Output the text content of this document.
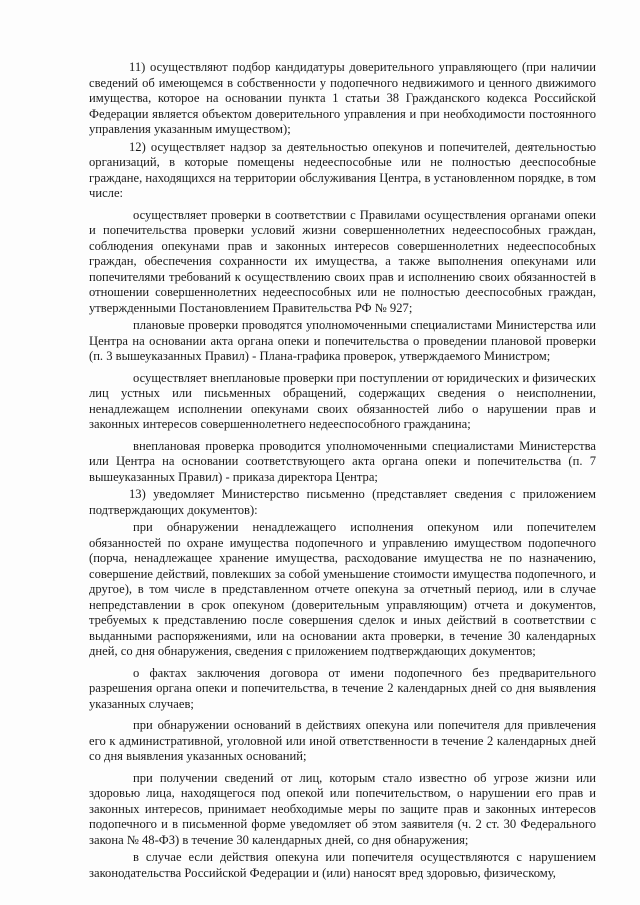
11) осуществляют подбор кандидатуры доверительного управляющего (при наличии сведений об имеющемся в собственности у подопечного недвижимого и ценного движимого имущества, которое на основании пункта 1 статьи 38 Гражданского кодекса Российской Федерации является объектом доверительного управления и при необходимости постоянного управления указанным имуществом);

12) осуществляет надзор за деятельностью опекунов и попечителей, деятельностью организаций, в которые помещены недееспособные или не полностью дееспособные граждане, находящихся на территории обслуживания Центра, в установленном порядке, в том числе:

осуществляет проверки в соответствии с Правилами осуществления органами опеки и попечительства проверки условий жизни совершеннолетних недееспособных граждан, соблюдения опекунами прав и законных интересов совершеннолетних недееспособных граждан, обеспечения сохранности их имущества, а также выполнения опекунами или попечителями требований к осуществлению своих прав и исполнению своих обязанностей в отношении совершеннолетних недееспособных или не полностью дееспособных граждан, утвержденными Постановлением Правительства РФ № 927;

плановые проверки проводятся уполномоченными специалистами Министерства или Центра на основании акта органа опеки и попечительства о проведении плановой проверки (п. 3 вышеуказанных Правил) - Плана-графика проверок, утверждаемого Министром;

осуществляет внеплановые проверки при поступлении от юридических и физических лиц устных или письменных обращений, содержащих сведения о неисполнении, ненадлежащем исполнении опекунами своих обязанностей либо о нарушении прав и законных интересов совершеннолетнего недееспособного гражданина;

внеплановая проверка проводится уполномоченными специалистами Министерства или Центра на основании соответствующего акта органа опеки и попечительства (п. 7 вышеуказанных Правил) - приказа директора Центра;

13) уведомляет Министерство письменно (представляет сведения с приложением подтверждающих документов):

при обнаружении ненадлежащего исполнения опекуном или попечителем обязанностей по охране имущества подопечного и управлению имуществом подопечного (порча, ненадлежащее хранение имущества, расходование имущества не по назначению, совершение действий, повлекших за собой уменьшение стоимости имущества подопечного, и другое), в том числе в представленном отчете опекуна за отчетный период, или в случае непредставлении в срок опекуном (доверительным управляющим) отчета и документов, требуемых к представлению после совершения сделок и иных действий в соответствии с выданными распоряжениями, или на основании акта проверки, в течение 30 календарных дней, со дня обнаружения, сведения с приложением подтверждающих документов;

о фактах заключения договора от имени подопечного без предварительного разрешения органа опеки и попечительства, в течение 2 календарных дней со дня выявления указанных случаев;

при обнаружении оснований в действиях опекуна или попечителя для привлечения его к административной, уголовной или иной ответственности в течение 2 календарных дней со дня выявления указанных оснований;

при получении сведений от лиц, которым стало известно об угрозе жизни или здоровью лица, находящегося под опекой или попечительством, о нарушении его прав и законных интересов, принимает необходимые меры по защите прав и законных интересов подопечного и в письменной форме уведомляет об этом заявителя (ч. 2 ст. 30 Федерального закона № 48-ФЗ) в течение 30 календарных дней, со дня обнаружения;

в случае если действия опекуна или попечителя осуществляются с нарушением законодательства Российской Федерации и (или) наносят вред здоровью, физическому,
